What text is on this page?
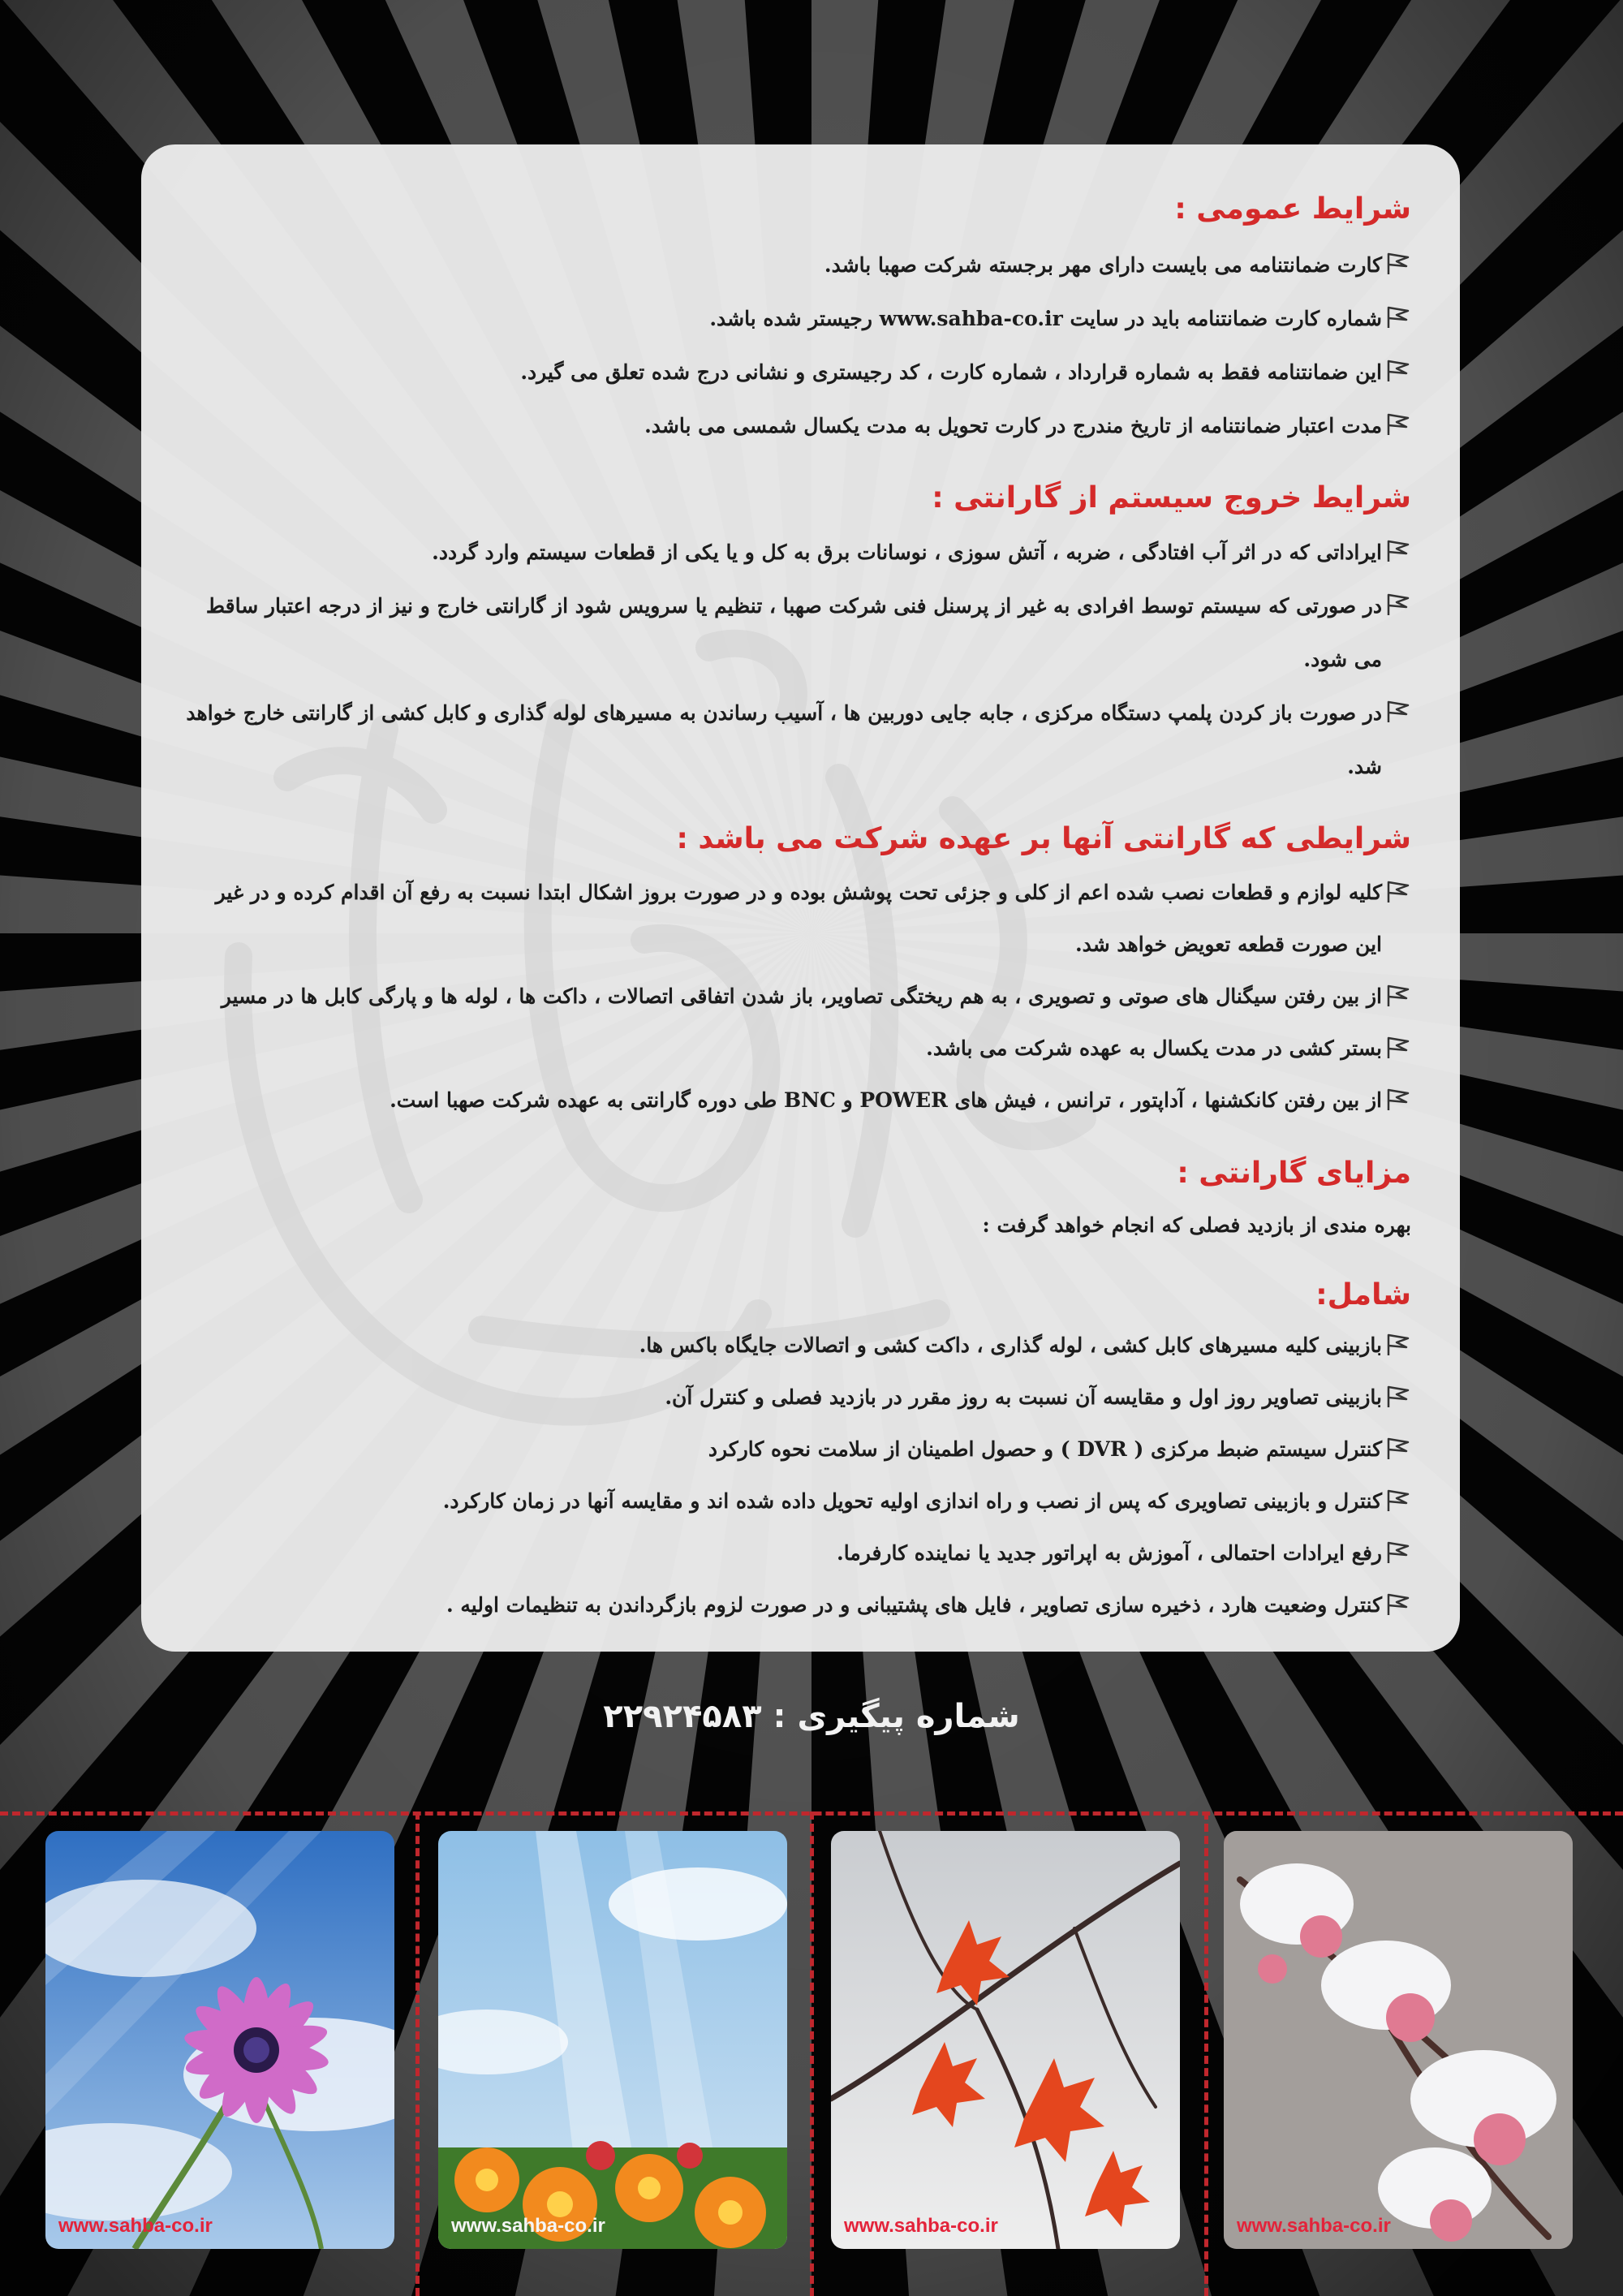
شرایط عمومی :
کارت ضمانتنامه می بایست دارای مهر برجسته شرکت صهبا باشد.
شماره کارت ضمانتنامه باید در سایت www.sahba-co.ir رجیستر شده باشد.
این ضمانتنامه فقط به شماره قرارداد ، شماره کارت ، کد رجیستری و نشانی درج شده تعلق می گیرد.
مدت اعتبار ضمانتنامه از تاریخ مندرج در کارت تحویل به مدت یکسال شمسی می باشد.
شرایط خروج سیستم از گارانتی :
ایراداتی که در اثر آب افتادگی ، ضربه ، آتش سوزی ، نوسانات برق به کل و یا یکی از قطعات سیستم وارد گردد.
در صورتی که سیستم توسط افرادی به غیر از پرسنل فنی شرکت صهبا ، تنظیم یا سرویس شود از گارانتی خارج و نیز از درجه اعتبار ساقط می شود.
در صورت باز کردن پلمپ دستگاه مرکزی ، جابه جایی دوربین ها ، آسیب رساندن به مسیرهای لوله گذاری و کابل کشی از گارانتی خارج خواهد شد.
شرایطی که گارانتی آنها بر عهده شرکت می باشد :
کلیه لوازم و قطعات نصب شده اعم از کلی و جزئی تحت پوشش بوده و در صورت بروز اشکال ابتدا نسبت به رفع آن اقدام کرده و در غیر این صورت قطعه تعویض خواهد شد.
از بین رفتن سیگنال های صوتی و تصویری ، به هم ریختگی تصاویر، باز شدن اتفاقی اتصالات ، داکت ها ، لوله ها و پارگی کابل ها در مسیر
بستر کشی در مدت یکسال به عهده شرکت می باشد.
از بین رفتن کانکشنها ، آداپتور ، ترانس ، فیش های POWER و BNC طی دوره گارانتی به عهده شرکت صهبا است.
مزایای گارانتی :
بهره مندی از بازدید فصلی که انجام خواهد گرفت :
شامل:
بازبینی کلیه مسیرهای کابل کشی ، لوله گذاری ، داکت کشی و اتصالات جایگاه باکس ها.
بازبینی تصاویر روز اول و مقایسه آن نسبت به روز مقرر در بازدید فصلی و کنترل آن.
کنترل سیستم ضبط مرکزی ( DVR ) و حصول اطمینان از سلامت نحوه کارکرد
کنترل و بازبینی تصاویری که پس از نصب و راه اندازی اولیه تحویل داده شده اند و مقایسه آنها در زمان کارکرد.
رفع ایرادات احتمالی ، آموزش به اپراتور جدید یا نماینده کارفرما.
کنترل وضعیت هارد ، ذخیره سازی تصاویر ، فایل های پشتیبانی و در صورت لزوم بازگرداندن به تنظیمات اولیه .
شماره پیگیری : ۲۲۹۲۴۵۸۳
www.sahba-co.ir	www.sahba-co.ir	www.sahba-co.ir	www.sahba-co.ir
